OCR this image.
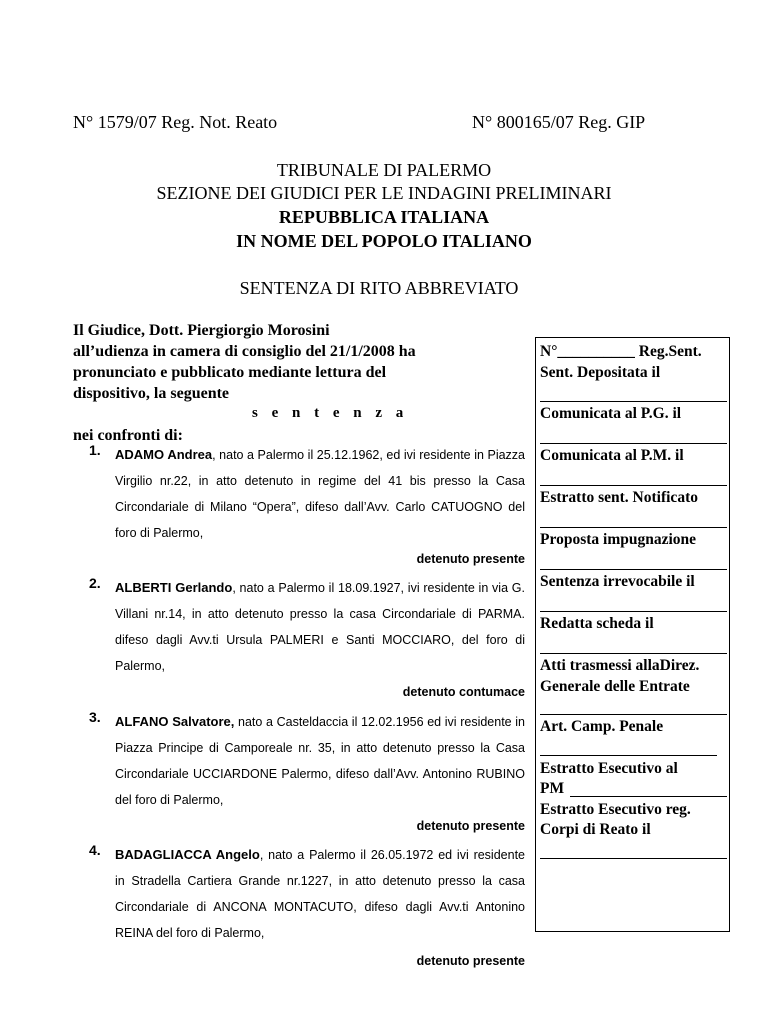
N° 1579/07 Reg. Not. Reato	N° 800165/07 Reg. GIP
TRIBUNALE DI PALERMO
SEZIONE DEI GIUDICI PER LE INDAGINI PRELIMINARI
REPUBBLICA ITALIANA
IN NOME DEL POPOLO ITALIANO
SENTENZA DI RITO ABBREVIATO
Il Giudice, Dott. Piergiorgio Morosini
all’udienza in camera di consiglio del 21/1/2008 ha
pronunciato e pubblicato mediante lettura del
dispositivo, la seguente
s e n t e n z a
nei confronti di:
1. ADAMO Andrea, nato a Palermo il 25.12.1962, ed ivi residente in Piazza Virgilio nr.22, in atto detenuto in regime del 41 bis presso la Casa Circondariale di Milano “Opera”, difeso dall’Avv. Carlo CATUOGNO del foro di Palermo,
detenuto presente
2. ALBERTI Gerlando, nato a Palermo il 18.09.1927, ivi residente in via G. Villani nr.14, in atto detenuto presso la casa Circondariale di PARMA. difeso dagli Avv.ti Ursula PALMERI e Santi MOCCIARO, del foro di Palermo,
detenuto contumace
3. ALFANO Salvatore, nato a Casteldaccia il 12.02.1956 ed ivi residente in Piazza Principe di Camporeale nr. 35, in atto detenuto presso la Casa Circondariale UCCIARDONE Palermo, difeso dall’Avv. Antonino RUBINO del foro di Palermo,
detenuto presente
4. BADAGLIACCA Angelo, nato a Palermo il 26.05.1972 ed ivi residente in Stradella Cartiera Grande nr.1227, in atto detenuto presso la casa Circondariale di ANCONA MONTACUTO, difeso dagli Avv.ti Antonino REINA del foro di Palermo,
detenuto presente
N°__________ Reg.Sent.
Sent. Depositata il
Comunicata al P.G. il
Comunicata al P.M. il
Estratto sent. Notificato
Proposta impugnazione
Sentenza irrevocabile il
Redatta scheda il
Atti trasmessi allaDirez.
Generale delle Entrate
Art. Camp. Penale
Estratto Esecutivo al
PM
Estratto Esecutivo reg.
Corpi di Reato il
